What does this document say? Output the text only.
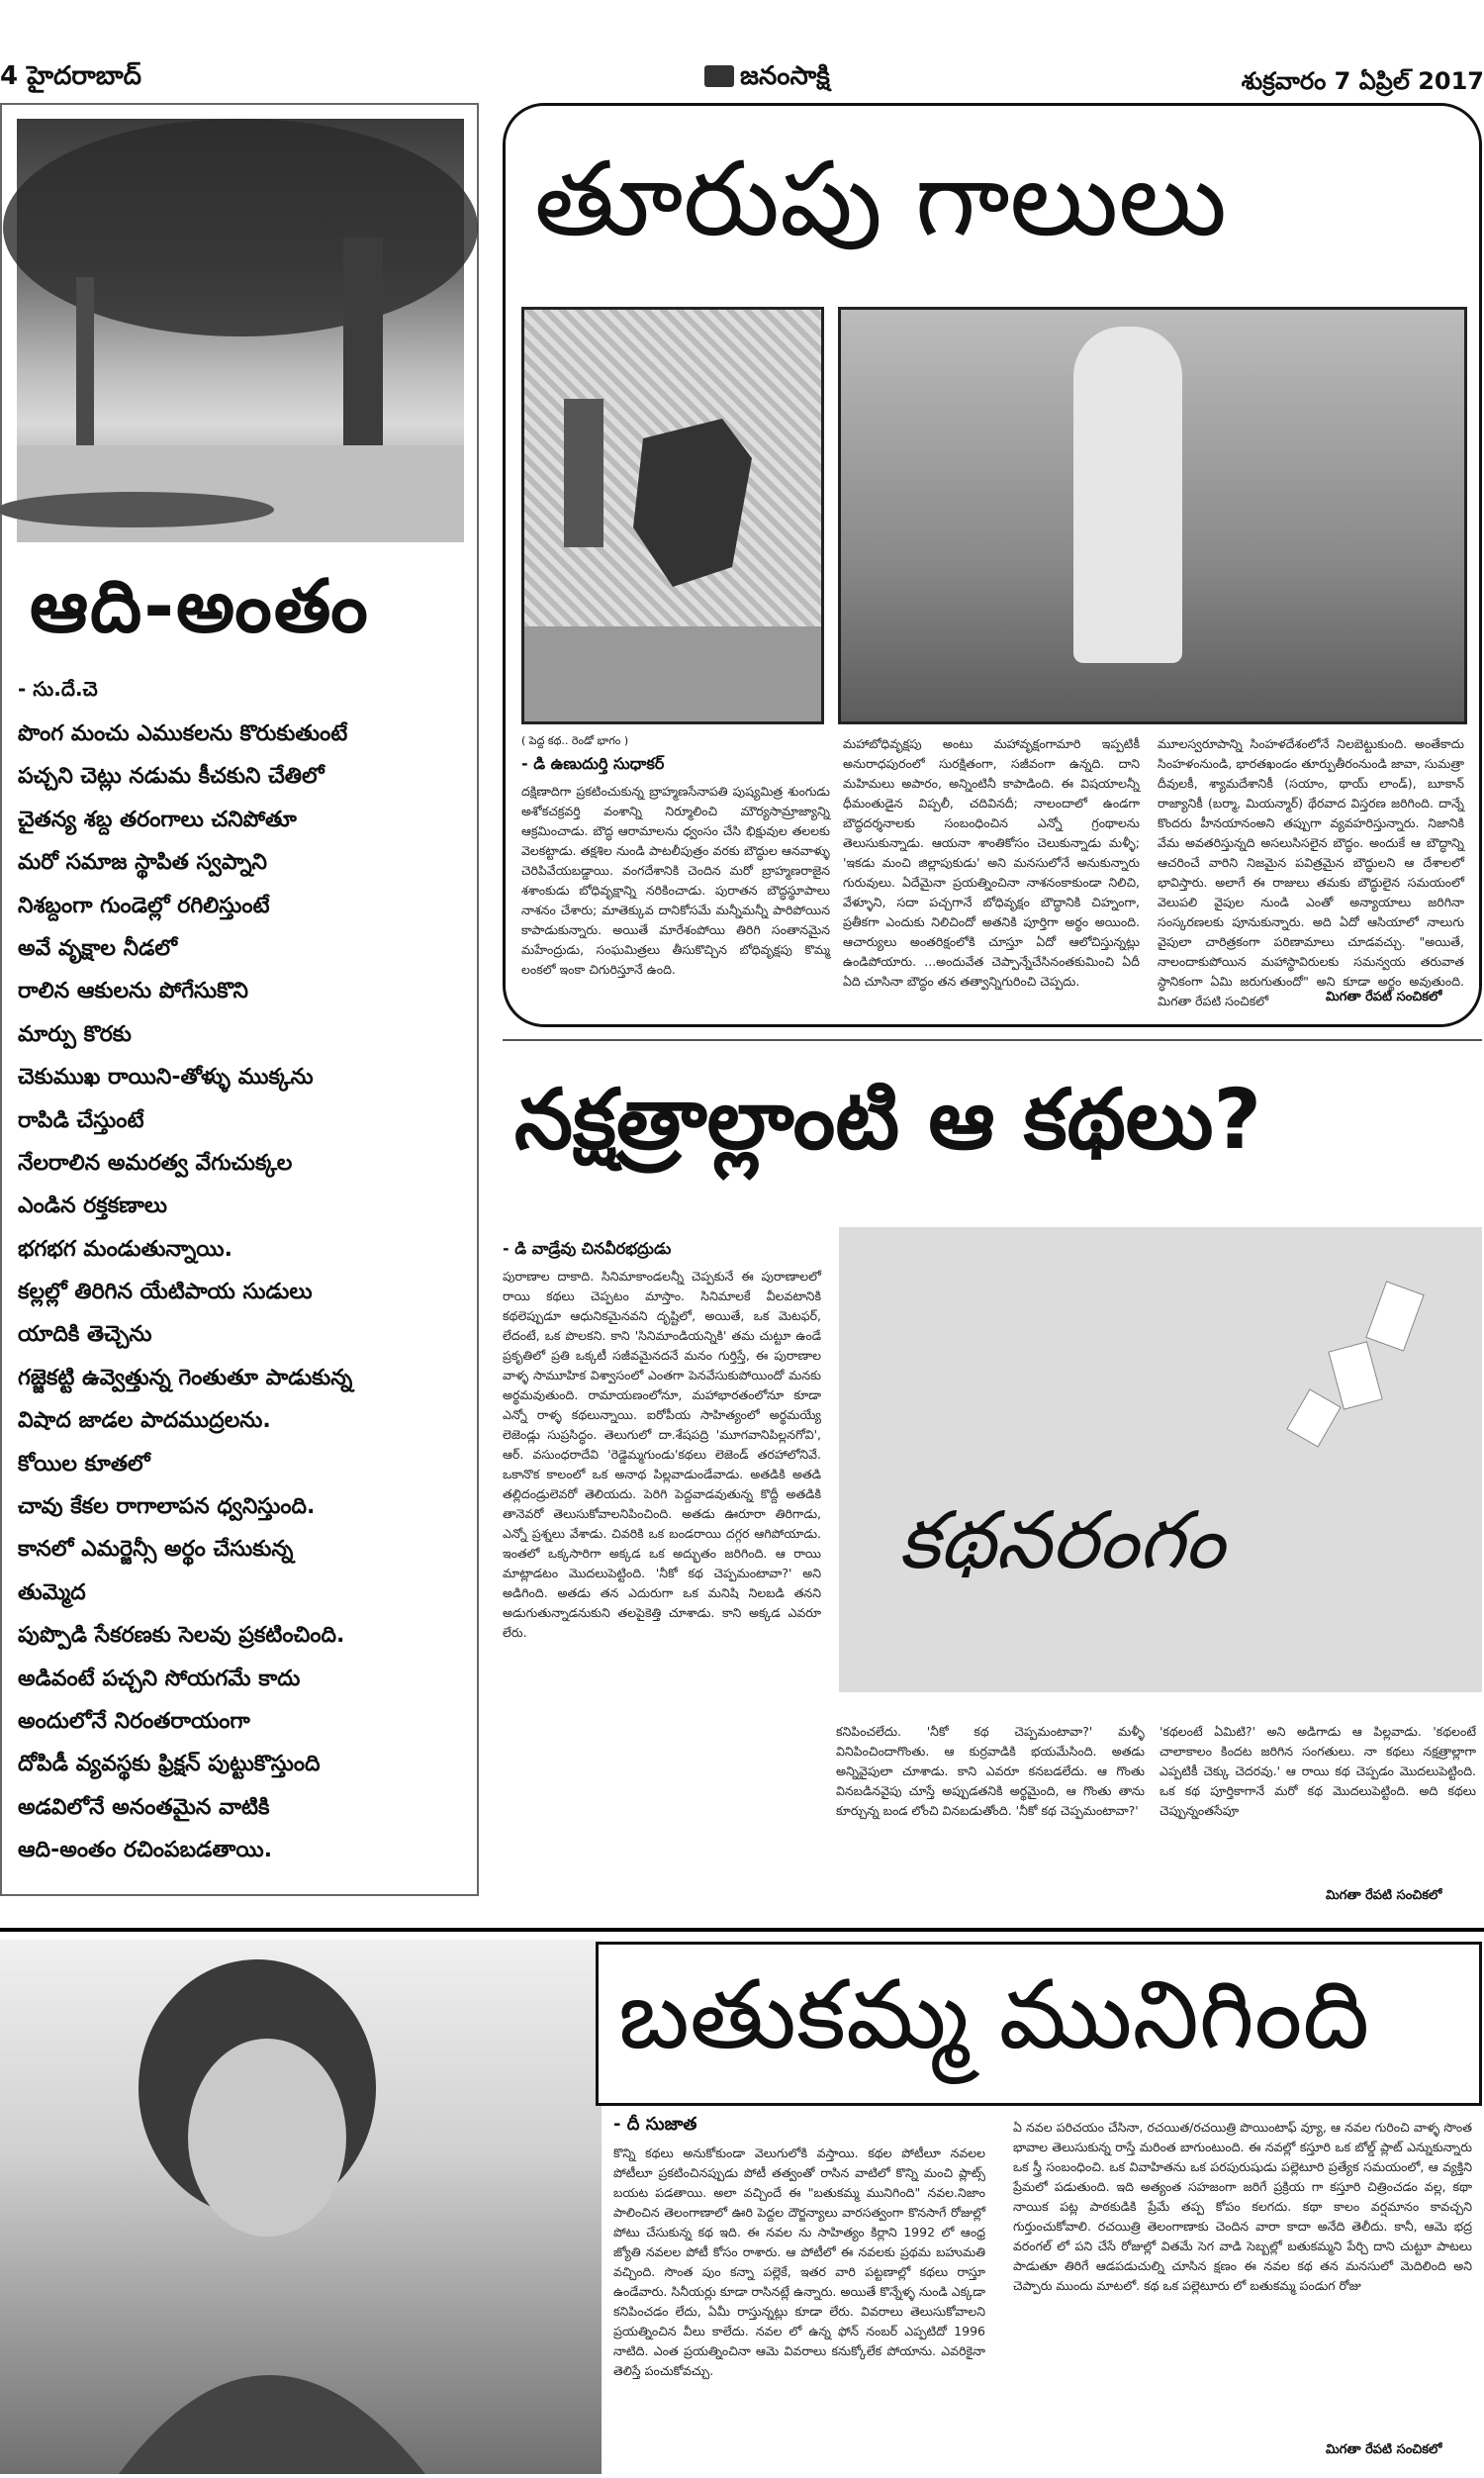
4 హైదరాబాద్	జనంసాక్షి	శుక్రవారం 7 ఏప్రిల్ 2017
ఆది-అంతం
- సు.దే.చె
పొంగ మంచు ఎముకలను కొరుకుతుంటే
పచ్చని చెట్లు నడుమ కీచకుని చేతిలో
చైతన్య శబ్ద తరంగాలు చనిపోతూ
మరో సమాజ స్థాపిత స్వప్నాని
నిశబ్దంగా గుండెల్లో రగిలిస్తుంటే
అవే వృక్షాల నీడలో
రాలిన ఆకులను పోగేసుకొని
మార్పు కొరకు
చెకుముఖ రాయిని-తోళ్ళు ముక్కను
రాపిడి చేస్తుంటే
నేలరాలిన అమరత్వ వేగుచుక్కల
ఎండిన రక్తకణాలు
భగభగ మండుతున్నాయి.
కల్లల్లో తిరిగిన యేటిపాయ సుడులు
యాదికి తెచ్చెను
గజ్జెకట్టి ఉవ్వెత్తున్న గెంతుతూ పాడుకున్న
విషాద జాడల పాదముద్రలను.
కోయిల కూతలో
చావు కేకల రాగాలాపన ధ్వనిస్తుంది.
కానలో ఎమర్జెన్సీ అర్థం చేసుకున్న
తుమ్మెద
పుప్పొడి సేకరణకు సెలవు ప్రకటించింది.
అడివంటే పచ్చని సోయగమే కాదు
అందులోనే నిరంతరాయంగా
దోపిడీ వ్యవస్థకు ఫ్రిక్షన్ పుట్టుకొస్తుంది
అడవిలోనే అనంతమైన వాటికి
ఆది-అంతం రచింపబడతాయి.
తూరుపు గాలులు
( పెద్ద కథ.. రెండో భాగం )
- డి ఉణుదుర్తి సుధాకర్

దక్షిణాదిగా ప్రకటించుకున్న బ్రాహ్మణసేనాపతి పుష్యమిత్ర శుంగుడు అశోకచక్రవర్తి వంశాన్ని నిర్మూలించి మౌర్యసామ్రాజ్యాన్ని ఆక్రమించాడు. బౌద్ధ ఆరామాలను ధ్వంసం చేసి భిక్షువుల తలలకు వెలకట్టాడు. తక్షశిల నుండి పాటలీపుత్రం వరకు బౌద్ధుల ఆనవాళ్ళు చెరిపివేయబడ్డాయి. వంగదేశానికి చెందిన మరో బ్రాహ్మణరాజైన శశాంకుడు బోధివృక్షాన్ని నరికించాడు. పురాతన బౌద్ధస్థూపాలు నాశనం చేశారు; మాతెక్కువ దానికోసమే మన్నీమన్నీ పారిపోయిన కాపాడుకున్నారు. అయితే మారేశంపోయి తిరిగి సంతానమైన మహేంద్రుడు, సంఘమిత్రలు తీసుకొచ్చిన బోధివృక్షపు కొమ్మ లంకలో ఇంకా చిగురిస్తూనే ఉంది.

మహాబోధివృక్షపు అంటు మహావృక్షంగామారి ఇప్పటికీ అనురాధపురంలో సురక్షితంగా, సజీవంగా ఉన్నది. దాని మహిమలు అపారం, అన్నింటినీ కాపాడింది. ఈ విషయాలన్నీ ధీమంతుడైన విప్పలీ, చదివినదీ; నాలందాలో ఉండగా బౌద్ధదర్శనాలకు సంబంధించిన ఎన్నో గ్రంథాలను తెలుసుకున్నాడు. ఆయనా శాంతికోసం చెలుకున్నాడు మళ్ళీ; 'ఇకడు మంచి జిల్లాపుకుడు' అని మనసులోనే అనుకున్నారు గురువులు. ఏదేమైనా ప్రయత్నించినా నాశనంకాకుండా నిలిచి, వేళ్ళూని, సదా పచ్చగానే బోధివృక్షం బౌద్ధానికి చిహ్నంగా, ప్రతీకగా ఎందుకు నిలిచిందో అతనికి పూర్తిగా అర్థం అయింది. ఆచార్యులు అంతరిక్షంలోకి చూస్తూ ఏదో ఆలోచిస్తున్నట్లు ఉండిపోయారు. ...అందువేత చెప్పాన్నేచేసినంతకుమించి ఏదీ ఏది చూసినా బౌద్ధం తన తత్వాన్నిగురించి చెప్పదు.

మూలస్వరూపాన్ని సింహళదేశంలోనే నిలబెట్టుకుంది. అంతేకాదు సింహళంనుండి, భారతఖండం తూర్పుతీరంనుండి జావా, సుమత్రా దీవులకీ, శ్యామదేశానికీ (సయాం, థాయ్ లాండ్), బూకాన్ రాజ్యానికీ (బర్మా, మియన్మార్) థేరవాద విస్తరణ జరిగింది. దాన్నే కొందరు హీనయానంఅని తప్పుగా వ్యవహరిస్తున్నారు. నిజానికి వేమ అవతరిస్తున్నది అసలుసిసలైన బౌద్ధం. అందుకే ఆ బౌద్ధాన్ని ఆచరించే వారిని నిజమైన పవిత్రమైన బౌద్ధులని ఆ దేశాలలో భావిస్తారు. అలాగే ఈ రాజులు తమకు బౌద్ధులైన సమయంలో వెలుపలి వైపుల నుండి ఎంతో అన్యాయాలు జరిగినా సంస్కరణలకు పూనుకున్నారు. అది ఏదో ఆసియాలో నాలుగు వైపులా చారిత్రకంగా పరిణామాలు చూడవచ్చు. "అయితే, నాలందాకుపోయిన మహాస్థావిరులకు సమన్వయ తరువాత స్ధానికంగా ఏమి జరుగుతుందో" అని కూడా అర్థం అవుతుంది. మిగతా రేపటి సంచికలో	మిగతా రేపటి సంచికలో
నక్షత్రాల్లాంటి ఆ కథలు?
- డి వాడ్రేవు చినవీరభద్రుడు

పురాణాల దాకాది. సినిమాకాండలన్నీ చెప్పకునే ఈ పురాణాలలో రాయి కథలు చెప్పటం మాస్తాం. సినిమాలకే వీలవటానికి కథలెప్పుడూ ఆధునికమైనవని దృష్టిలో, అయితే, ఒక మెటఫర్, లేదంటే, ఒక పొలకని. కాని 'సినిమాండియన్నికి' తమ చుట్టూ ఉండే ప్రకృతిలో ప్రతి ఒక్కటీ సజీవమైనదనే మనం గుర్తిస్తే, ఈ పురాణాల వాళ్ళ సామూహిక విశ్వాసంలో ఎంతగా పెనవేసుకుపోయిందో మనకు అర్థమవుతుంది. రామాయణంలోనూ, మహాభారతంలోనూ కూడా ఎన్నో రాళ్ళ కథలున్నాయి. ఐరోపీయ సాహిత్యంలో అర్థమయ్యే లెజెండ్లు సుప్రసిద్ధం. తెలుగులో దా.శేషపద్రి 'మూగవానిపిల్లనగోవి', ఆర్. వసుంధరాదేవి 'రెడ్డెమ్మగుండు'కథలు లెజెండ్ తరహాలోనివే. ఒకానొక కాలంలో ఒక అనాథ పిల్లవాడుండేవాడు. అతడికి అతడి తల్లిదండ్రులెవరో తెలియదు. పెరిగి పెద్దవాడవుతున్న కొద్దీ అతడికి తానెవరో తెలుసుకోవాలనిపించింది. అతడు ఊరూరా తిరిగాడు, ఎన్నో ప్రశ్నలు వేశాడు. చివరికి ఒక బండరాయి దగ్గర ఆగిపోయాడు. ఇంతలో ఒక్కసారిగా అక్కడ ఒక అద్భుతం జరిగింది. ఆ రాయి మాట్లాడటం మొదలుపెట్టింది. 'నీకో కథ చెప్పమంటావా?' అని అడిగింది. అతడు తన ఎదురుగా ఒక మనిషి నిలబడి తనని అడుగుతున్నాడనుకుని తలపైకెత్తి చూశాడు. కాని అక్కడ ఎవరూ లేరు.

కథనరంగం

కనిపించలేదు. 'నీకో కథ చెప్పమంటావా?' మళ్ళీ వినిపించిందాగొంతు. ఆ కుర్రవాడికి భయమేసింది. అతడు అన్నివైపులా చూశాడు. కాని ఎవరూ కనబడలేదు. ఆ గొంతు వినబడినవైపు చూస్తే అప్పుడతనికి అర్థమైంది, ఆ గొంతు తాను కూర్చున్న బండ లోంచి వినబడుతోంది. 'నీకో కథ చెప్పమంటావా?'

'కథలంటే ఏమిటి?' అని అడిగాడు ఆ పిల్లవాడు. 'కథలంటే చాలాకాలం కిందట జరిగిన సంగతులు. నా కథలు నక్షత్రాల్లాగా ఎప్పటికీ చెక్కు చెదరవు.' ఆ రాయి కథ చెప్పడం మొదలుపెట్టింది. ఒక కథ పూర్తికాగానే మరో కథ మొదలుపెట్టింది. అది కథలు చెప్పున్నంతసేపూ

మిగతా రేపటి సంచికలో
బతుకమ్మ మునిగింది
- దీ సుజాత

కొన్ని కథలు అనుకోకుండా వెలుగులోకి వస్తాయి. కథల పోటీలూ నవలల పోటీలూ ప్రకటించినప్పుడు పోటీ తత్వంతో రాసిన వాటిలో కొన్ని మంచి ప్లాట్స్ బయట పడతాయి. అలా వచ్చిందే ఈ "బతుకమ్మ మునిగింది" నవల.నిజాం పాలించిన తెలంగాణాలో ఊరి పెద్దల దౌర్జన్యాలు వారసత్వంగా కొనసాగే రోజుల్లో పోటు చేసుకున్న కథ ఇది. ఈ నవల ను సాహిత్యం కిర్లాని 1992 లో ఆంధ్ర జ్యోతి నవలల పోటీ కోసం రాశారు. ఆ పోటీలో ఈ నవలకు ప్రథమ బహుమతి వచ్చింది. సొంత పుం కన్నా పల్లెకే, ఇతర వారి పట్టణాల్లో కథలు రాస్తూ ఉండేవారు. సినీయర్లు కూడా రాసినట్లే ఉన్నారు. అయితే కొన్నేళ్ళ నుండి ఎక్కడా కనిపించడం లేదు, ఏమీ రాస్తున్నట్లు కూడా లేరు. వివరాలు తెలుసుకోవాలని ప్రయత్నించిన వీలు కాలేదు. నవల లో ఉన్న ఫోన్ నంబర్ ఎప్పటిదో 1996 నాటిది. ఎంత ప్రయత్నించినా ఆమె వివరాలు కనుక్కోలేక పోయాను. ఎవరికైనా తెలిస్తే పంచుకోవచ్చు.

ఏ నవల పరిచయం చేసినా, రచయిత/రచయిత్రి పొయింటాఫ్ వ్యూ, ఆ నవల గురించి వాళ్ళ సొంత భావాల తెలుసుకున్న రాస్తే మరింత బాగుంటుంది. ఈ నవల్లో కస్తూరి ఒక బోల్డ్ ప్లాట్ ఎన్నుకున్నారు ఒక స్త్రీ సంబంధించి. ఒక వివాహితను ఒక పరపురుషుడు పల్లెటూరి ప్రత్యేక సమయంలో, ఆ వ్యక్తిని ప్రేమలో పడుతుంది. ఇది అత్యంత సహజంగా జరిగే ప్రక్రియ గా కస్తూరి చిత్రించడం వల్ల, కథా నాయిక పట్ల పాఠకుడికి ప్రేమే తప్ప కోపం కలగదు. కథా కాలం వర్షమానం కావచ్చని గుర్తుంచుకోవాలి. రచయిత్రి తెలంగాణాకు చెందిన వారా కాదా అనేది తెలీదు. కానీ, ఆమె భద్ర వరంగల్ లో పని చేసే రోజుల్లో వితమే సెగ వాడి సెబ్బల్లో బతుకమ్మని పేర్చి దాని చుట్టూ పాటలు పాడుతూ తిరిగే ఆడపడుచుల్ని చూసిన క్షణం ఈ నవల కథ తన మనసులో మెదిలింది అని చెప్పారు ముందు మాటలో. కథ ఒక పల్లెటూరు లో బతుకమ్మ పండుగ రోజు

మిగతా రేపటి సంచికలో
